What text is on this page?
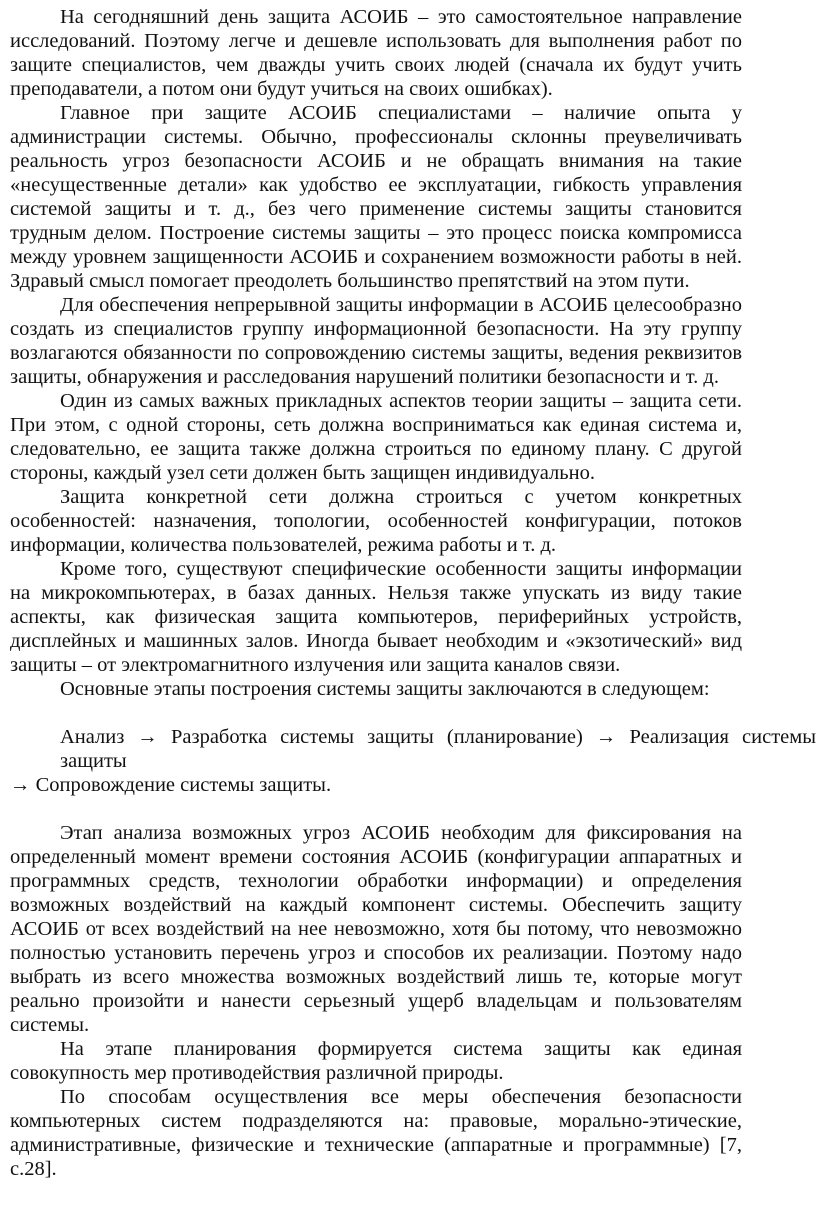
На сегодняшний день защита АСОИБ – это самостоятельное направление исследований. Поэтому легче и дешевле использовать для выполнения работ по защите специалистов, чем дважды учить своих людей (сначала их будут учить преподаватели, а потом они будут учиться на своих ошибках).

Главное при защите АСОИБ специалистами – наличие опыта у администрации системы. Обычно, профессионалы склонны преувеличивать реальность угроз безопасности АСОИБ и не обращать внимания на такие «несущественные детали» как удобство ее эксплуатации, гибкость управления системой защиты и т. д., без чего применение системы защиты становится трудным делом. Построение системы защиты – это процесс поиска компромисса между уровнем защищенности АСОИБ и сохранением возможности работы в ней. Здравый смысл помогает преодолеть большинство препятствий на этом пути.

Для обеспечения непрерывной защиты информации в АСОИБ целесообразно создать из специалистов группу информационной безопасности. На эту группу возлагаются обязанности по сопровождению системы защиты, ведения реквизитов защиты, обнаружения и расследования нарушений политики безопасности и т. д.

Один из самых важных прикладных аспектов теории защиты – защита сети. При этом, с одной стороны, сеть должна восприниматься как единая система и, следовательно, ее защита также должна строиться по единому плану. С другой стороны, каждый узел сети должен быть защищен индивидуально.

Защита конкретной сети должна строиться с учетом конкретных особенностей: назначения, топологии, особенностей конфигурации, потоков информации, количества пользователей, режима работы и т. д.

Кроме того, существуют специфические особенности защиты информации на микрокомпьютерах, в базах данных. Нельзя также упускать из виду такие аспекты, как физическая защита компьютеров, периферийных устройств, дисплейных и машинных залов. Иногда бывает необходим и «экзотический» вид защиты – от электромагнитного излучения или защита каналов связи.

Основные этапы построения системы защиты заключаются в следующем:

Анализ → Разработка системы защиты (планирование) → Реализация системы

защиты

→ Сопровождение системы защиты.

Этап анализа возможных угроз АСОИБ необходим для фиксирования на определенный момент времени состояния АСОИБ (конфигурации аппаратных и программных средств, технологии обработки информации) и определения возможных воздействий на каждый компонент системы. Обеспечить защиту АСОИБ от всех воздействий на нее невозможно, хотя бы потому, что невозможно полностью установить перечень угроз и способов их реализации. Поэтому надо выбрать из всего множества возможных воздействий лишь те, которые могут реально произойти и нанести серьезный ущерб владельцам и пользователям системы.

На этапе планирования формируется система защиты как единая совокупность мер противодействия различной природы.

По способам осуществления все меры обеспечения безопасности компьютерных систем подразделяются на: правовые, морально-этические, административные, физические и технические (аппаратные и программные) [7, с.28].
